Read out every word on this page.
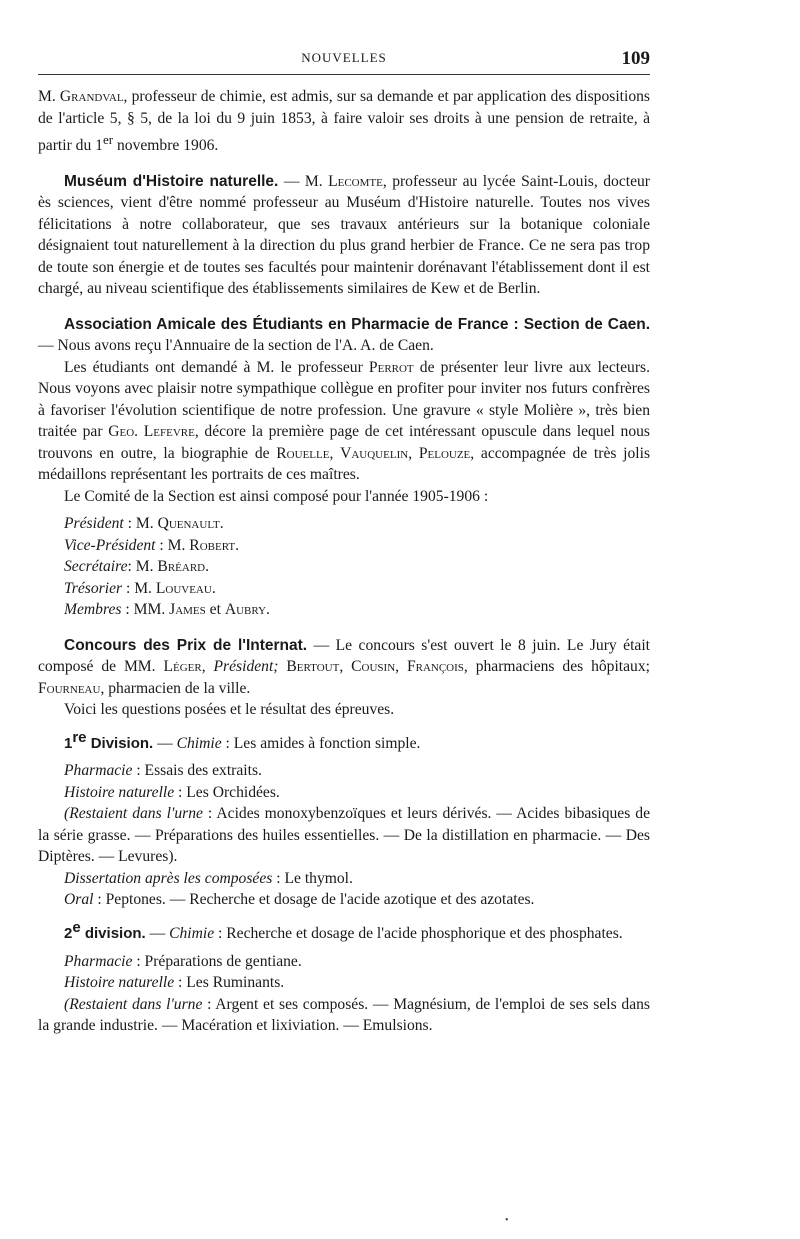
NOUVELLES	109

M. Grandval, professeur de chimie, est admis, sur sa demande et par application des dispositions de l'article 5, § 5, de la loi du 9 juin 1853, à faire valoir ses droits à une pension de retraite, à partir du 1er novembre 1906.

Muséum d'Histoire naturelle. — M. Lecomte, professeur au lycée Saint-Louis, docteur ès sciences, vient d'être nommé professeur au Muséum d'Histoire naturelle. Toutes nos vives félicitations à notre collaborateur, que ses travaux antérieurs sur la botanique coloniale désignaient tout naturellement à la direction du plus grand herbier de France. Ce ne sera pas trop de toute son énergie et de toutes ses facultés pour maintenir dorénavant l'établissement dont il est chargé, au niveau scientifique des établissements similaires de Kew et de Berlin.

Association Amicale des Étudiants en Pharmacie de France : Section de Caen. — Nous avons reçu l'Annuaire de la section de l'A. A. de Caen.

Les étudiants ont demandé à M. le professeur Perrot de présenter leur livre aux lecteurs. Nous voyons avec plaisir notre sympathique collègue en profiter pour inviter nos futurs confrères à favoriser l'évolution scientifique de notre profession. Une gravure « style Molière », très bien traitée par Geo. Lefevre, décore la première page de cet intéressant opuscule dans lequel nous trouvons en outre, la biographie de Rouelle, Vauquelin, Pelouze, accompagnée de très jolis médaillons représentant les portraits de ces maîtres.

Le Comité de la Section est ainsi composé pour l'année 1905-1906 :

Président : M. Quenault.
Vice-Président : M. Robert.
Secrétaire: M. Bréard.
Trésorier : M. Louveau.
Membres : MM. James et Aubry.

Concours des Prix de l'Internat. — Le concours s'est ouvert le 8 juin. Le Jury était composé de MM. Léger, Président; Bertout, Cousin, François, pharmaciens des hôpitaux; Fourneau, pharmacien de la ville.

Voici les questions posées et le résultat des épreuves.

1re Division. — Chimie : Les amides à fonction simple.

Pharmacie : Essais des extraits.

Histoire naturelle : Les Orchidées.

(Restaient dans l'urne : Acides monoxybenzoïques et leurs dérivés. — Acides bibasiques de la série grasse. — Préparations des huiles essentielles. — De la distillation en pharmacie. — Des Diptères. — Levures).

Dissertation après les composées : Le thymol.

Oral : Peptones. — Recherche et dosage de l'acide azotique et des azotates.

2e division. — Chimie : Recherche et dosage de l'acide phosphorique et des phosphates.

Pharmacie : Préparations de gentiane.

Histoire naturelle : Les Ruminants.

(Restaient dans l'urne : Argent et ses composés. — Magnésium, de l'emploi de ses sels dans la grande industrie. — Macération et lixiviation. — Emulsions.

•
